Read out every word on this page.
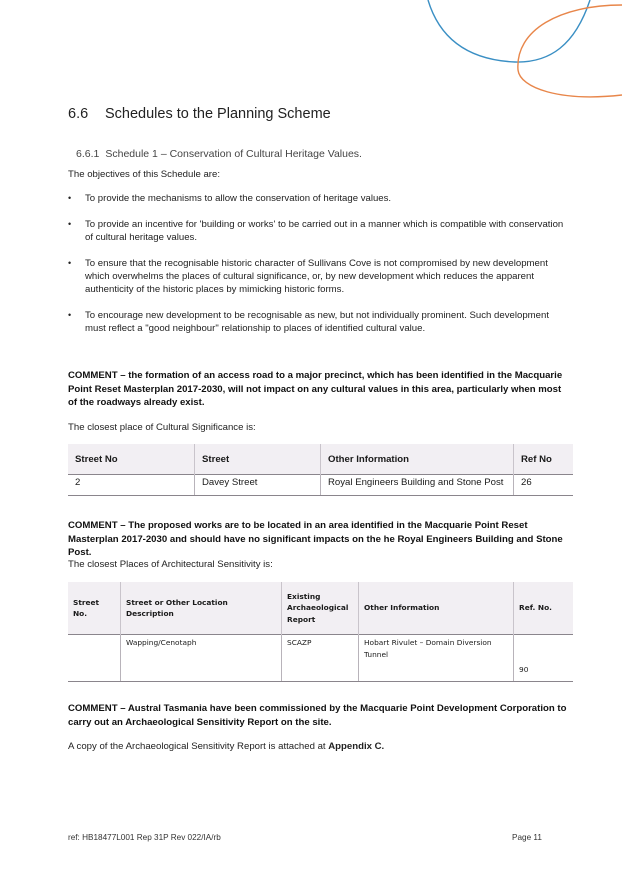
6.6 Schedules to the Planning Scheme
6.6.1 Schedule 1 – Conservation of Cultural Heritage Values.
The objectives of this Schedule are:
• To provide the mechanisms to allow the conservation of heritage values.
• To provide an incentive for 'building or works' to be carried out in a manner which is compatible with conservation of cultural heritage values.
• To ensure that the recognisable historic character of Sullivans Cove is not compromised by new development which overwhelms the places of cultural significance, or, by new development which reduces the apparent authenticity of the historic places by mimicking historic forms.
• To encourage new development to be recognisable as new, but not individually prominent. Such development must reflect a "good neighbour" relationship to places of identified cultural value.
COMMENT – the formation of an access road to a major precinct, which has been identified in the Macquarie Point Reset Masterplan 2017-2030, will not impact on any cultural values in this area, particularly when most of the roadways already exist.
The closest place of Cultural Significance is:
Street No	Street	Other Information	Ref No
2	Davey Street	Royal Engineers Building and Stone Post	26
COMMENT – The proposed works are to be located in an area identified in the Macquarie Point Reset Masterplan 2017-2030 and should have no significant impacts on the he Royal Engineers Building and Stone Post.
The closest Places of Architectural Sensitivity is:
Street No.	Street or Other Location Description	Existing Archaeological Report	Other Information	Ref. No.
	Wapping/Cenotaph	SCAZP	Hobart Rivulet – Domain Diversion Tunnel	90
COMMENT – Austral Tasmania have been commissioned by the Macquarie Point Development Corporation to carry out an Archaeological Sensitivity Report on the site.
A copy of the Archaeological Sensitivity Report is attached at Appendix C.
ref: HB18477L001 Rep 31P Rev 022/IA/rb	Page 11
